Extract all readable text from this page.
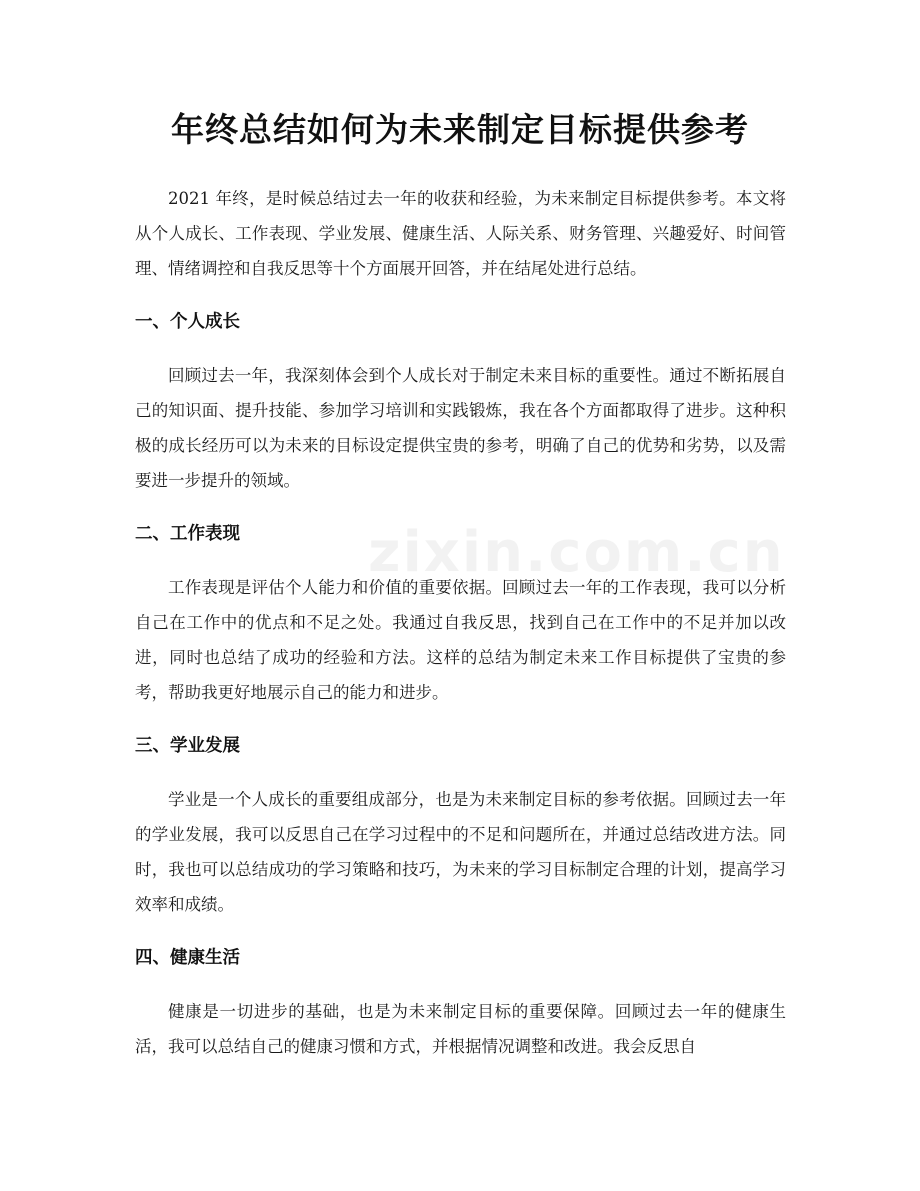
zixin.com.cn
年终总结如何为未来制定目标提供参考

2021 年终，是时候总结过去一年的收获和经验，为未来制定目标提供参考。本文将从个人成长、工作表现、学业发展、健康生活、人际关系、财务管理、兴趣爱好、时间管理、情绪调控和自我反思等十个方面展开回答，并在结尾处进行总结。

一、个人成长

回顾过去一年，我深刻体会到个人成长对于制定未来目标的重要性。通过不断拓展自己的知识面、提升技能、参加学习培训和实践锻炼，我在各个方面都取得了进步。这种积极的成长经历可以为未来的目标设定提供宝贵的参考，明确了自己的优势和劣势，以及需要进一步提升的领域。

二、工作表现

工作表现是评估个人能力和价值的重要依据。回顾过去一年的工作表现，我可以分析自己在工作中的优点和不足之处。我通过自我反思，找到自己在工作中的不足并加以改进，同时也总结了成功的经验和方法。这样的总结为制定未来工作目标提供了宝贵的参考，帮助我更好地展示自己的能力和进步。

三、学业发展

学业是一个人成长的重要组成部分，也是为未来制定目标的参考依据。回顾过去一年的学业发展，我可以反思自己在学习过程中的不足和问题所在，并通过总结改进方法。同时，我也可以总结成功的学习策略和技巧，为未来的学习目标制定合理的计划，提高学习效率和成绩。

四、健康生活

健康是一切进步的基础，也是为未来制定目标的重要保障。回顾过去一年的健康生活，我可以总结自己的健康习惯和方式，并根据情况调整和改进。我会反思自
